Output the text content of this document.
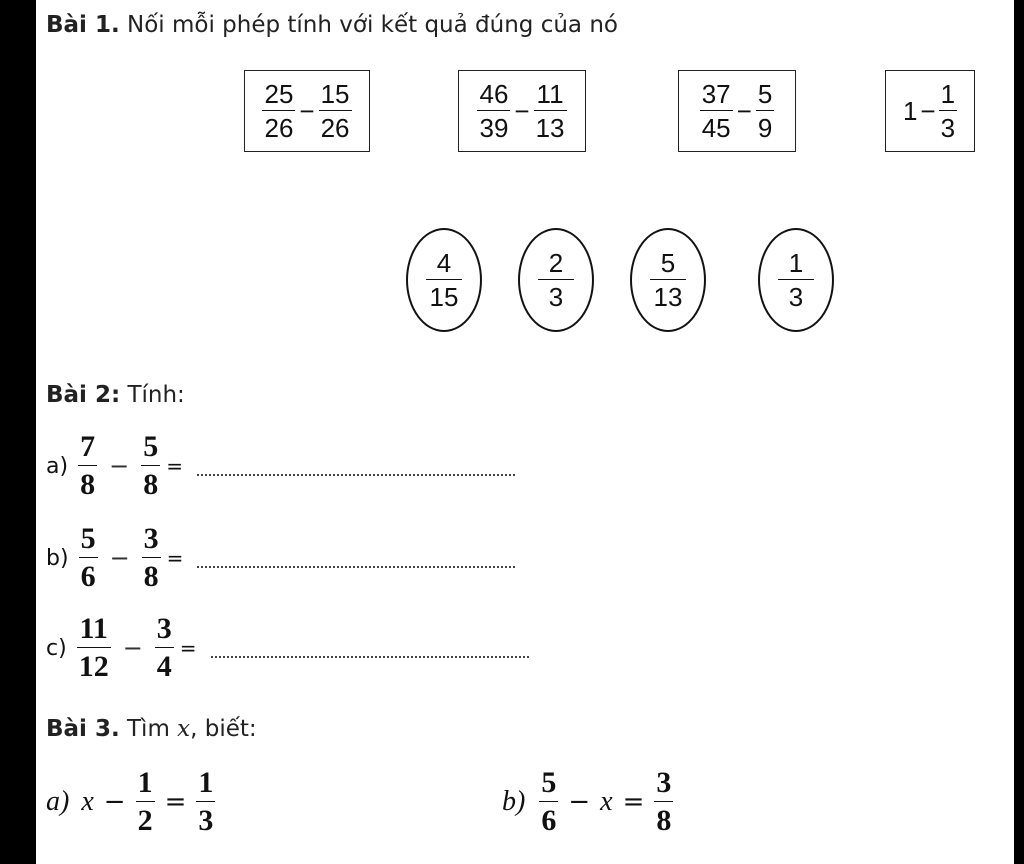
Bài 1. Nối mỗi phép tính với kết quả đúng của nó
$\frac{25}{26} - \frac{15}{26}$	$\frac{46}{39} - \frac{11}{13}$	$\frac{37}{45} - \frac{5}{9}$	$1 - \frac{1}{3}$
$\frac{4}{15}$	$\frac{2}{3}$	$\frac{5}{13}$	$\frac{1}{3}$
Bài 2: Tính:
$a) \frac{7}{8} - \frac{5}{8}$ =
$b) \frac{5}{6} - \frac{3}{8}$ =
$c) \frac{11}{12} - \frac{3}{4}$ =
Bài 3. Tìm x, biết:
a) $x - \frac{1}{2} = \frac{1}{3}$	$b) \frac{5}{6} - x = \frac{3}{8}$
